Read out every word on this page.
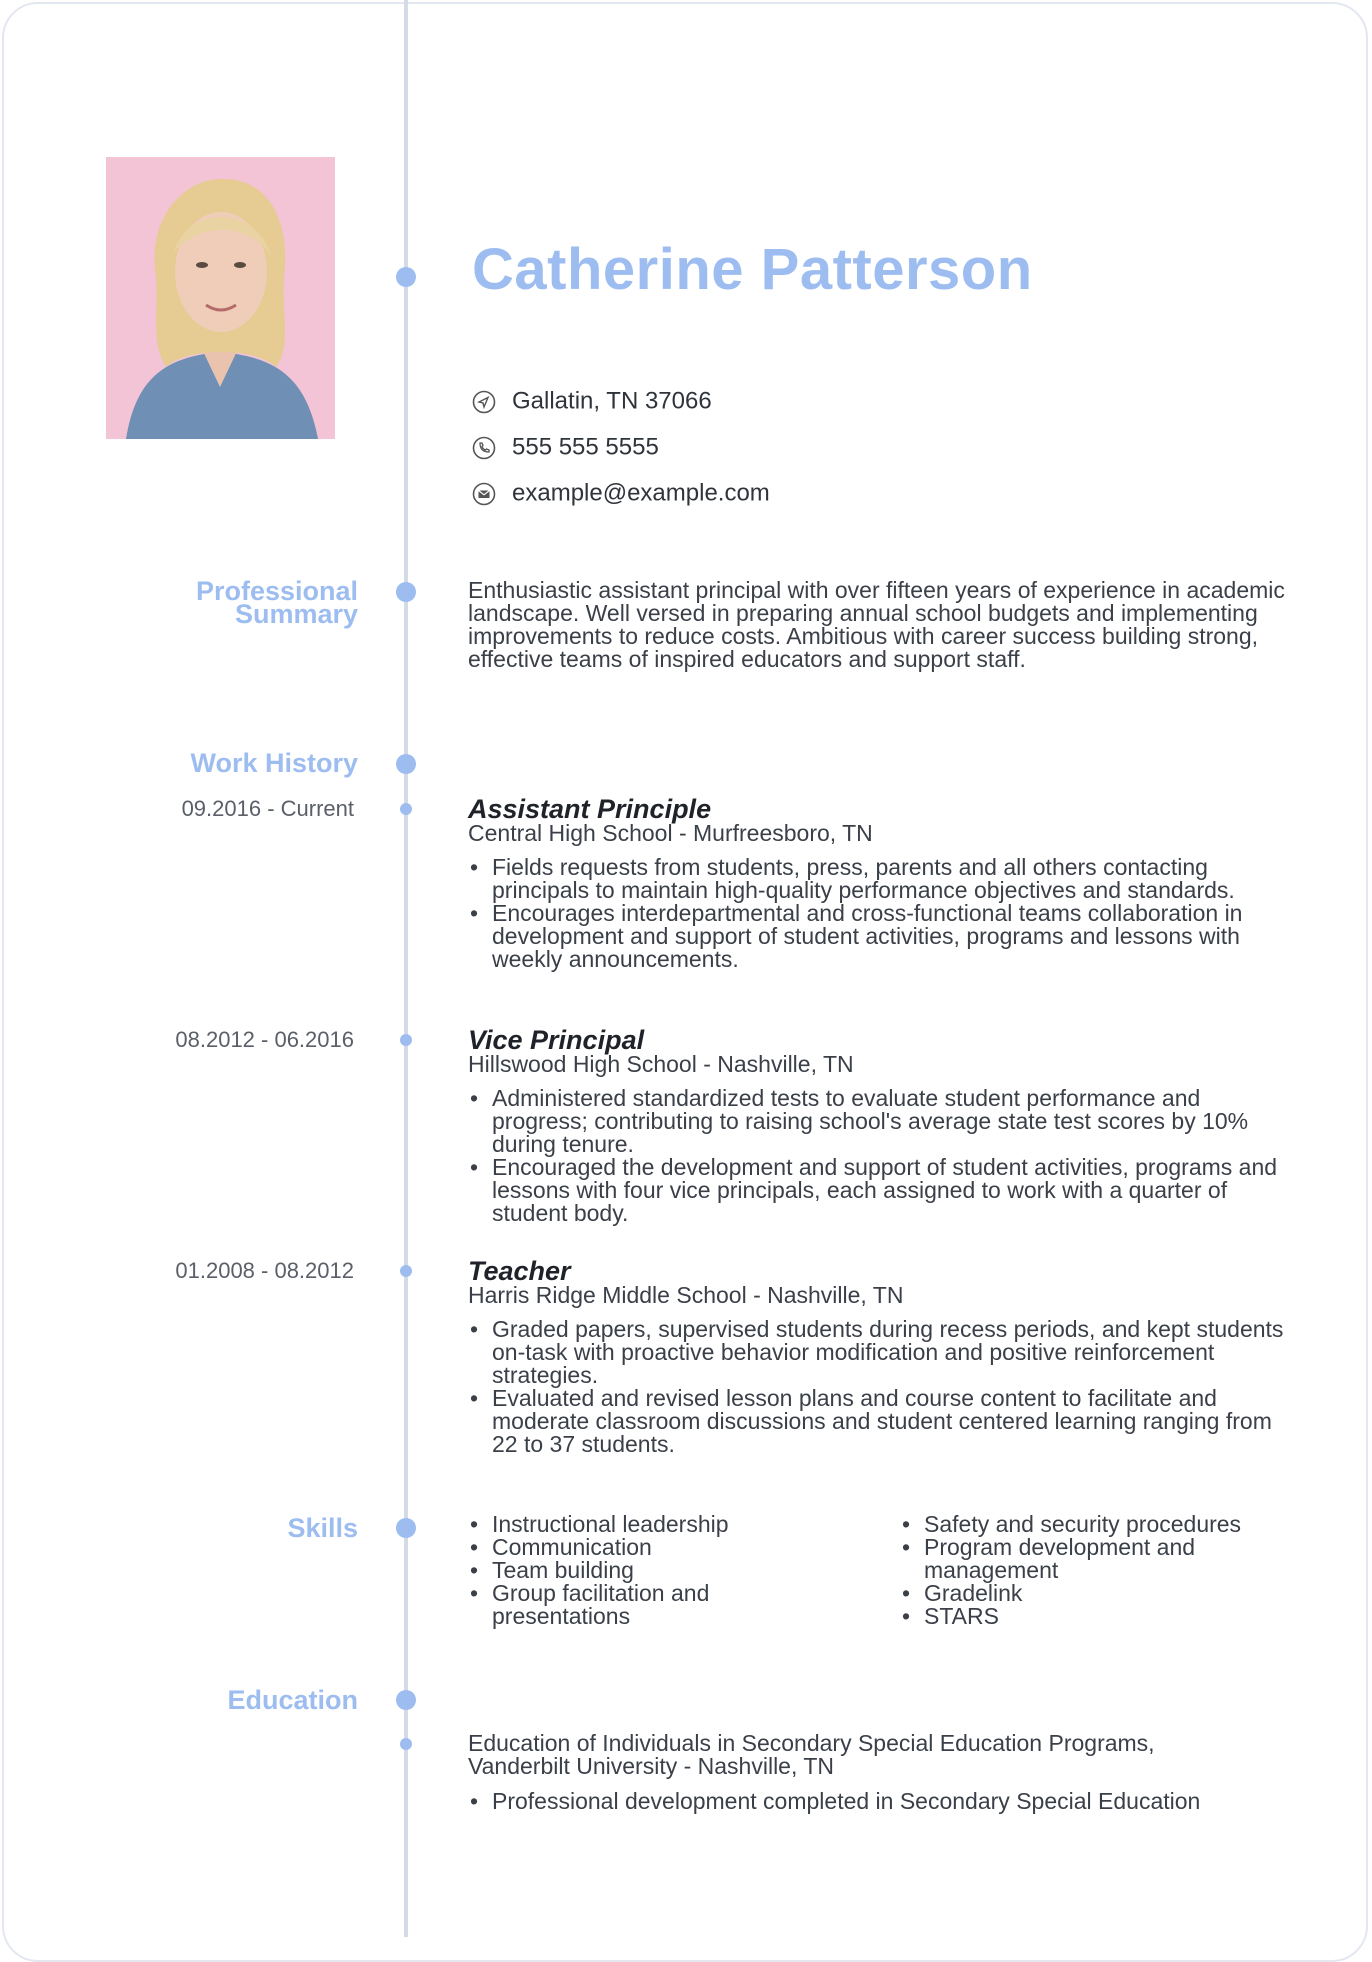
Catherine Patterson
Gallatin, TN 37066
555 555 5555
example@example.com
Professional
Summary
Enthusiastic assistant principal with over fifteen years of experience in academic landscape. Well versed in preparing annual school budgets and implementing improvements to reduce costs. Ambitious with career success building strong, effective teams of inspired educators and support staff.
Work History
09.2016 - Current	Assistant Principle
Central High School - Murfreesboro, TN
• Fields requests from students, press, parents and all others contacting principals to maintain high-quality performance objectives and standards.
• Encourages interdepartmental and cross-functional teams collaboration in development and support of student activities, programs and lessons with weekly announcements.
08.2012 - 06.2016	Vice Principal
Hillswood High School - Nashville, TN
• Administered standardized tests to evaluate student performance and progress; contributing to raising school's average state test scores by 10% during tenure.
• Encouraged the development and support of student activities, programs and lessons with four vice principals, each assigned to work with a quarter of student body.
01.2008 - 08.2012	Teacher
Harris Ridge Middle School - Nashville, TN
• Graded papers, supervised students during recess periods, and kept students on-task with proactive behavior modification and positive reinforcement strategies.
• Evaluated and revised lesson plans and course content to facilitate and moderate classroom discussions and student centered learning ranging from 22 to 37 students.
Skills
•	Instructional leadership
• Communication
• Team building
• Group facilitation and presentations
• Safety and security procedures
• Program development and management
• Gradelink
• STARS
Education
Education of Individuals in Secondary Special Education Programs,
Vanderbilt University - Nashville, TN
• Professional development completed in Secondary Special Education
